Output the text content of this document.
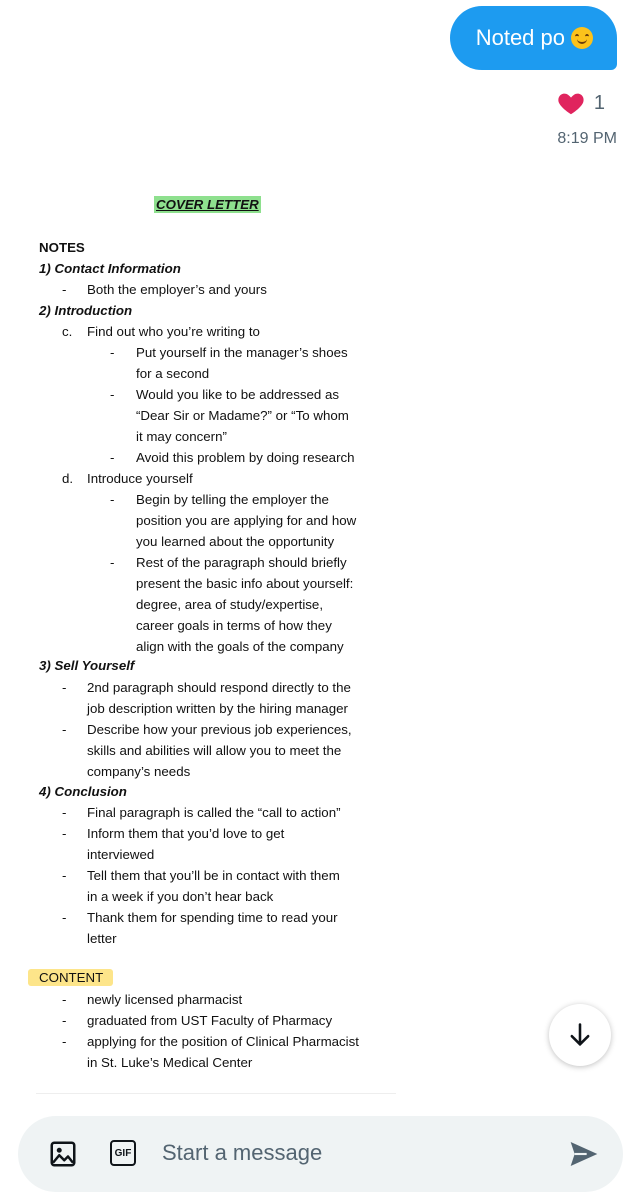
Noted po
1
8:19 PM
COVER LETTER
NOTES
1) Contact Information
- Both the employer’s and yours
2) Introduction
c. Find out who you’re writing to
- Put yourself in the manager’s shoes
for a second
- Would you like to be addressed as
“Dear Sir or Madame?” or “To whom
it may concern”
- Avoid this problem by doing research
d. Introduce yourself
- Begin by telling the employer the
position you are applying for and how
you learned about the opportunity
- Rest of the paragraph should briefly
present the basic info about yourself:
degree, area of study/expertise,
career goals in terms of how they
align with the goals of the company
3) Sell Yourself
- 2nd paragraph should respond directly to the
job description written by the hiring manager
- Describe how your previous job experiences,
skills and abilities will allow you to meet the
company’s needs
4) Conclusion
- Final paragraph is called the “call to action”
- Inform them that you’d love to get
interviewed
- Tell them that you’ll be in contact with them
in a week if you don’t hear back
- Thank them for spending time to read your
letter
CONTENT
- newly licensed pharmacist
- graduated from UST Faculty of Pharmacy
- applying for the position of Clinical Pharmacist
in St. Luke’s Medical Center
GIF Start a message
